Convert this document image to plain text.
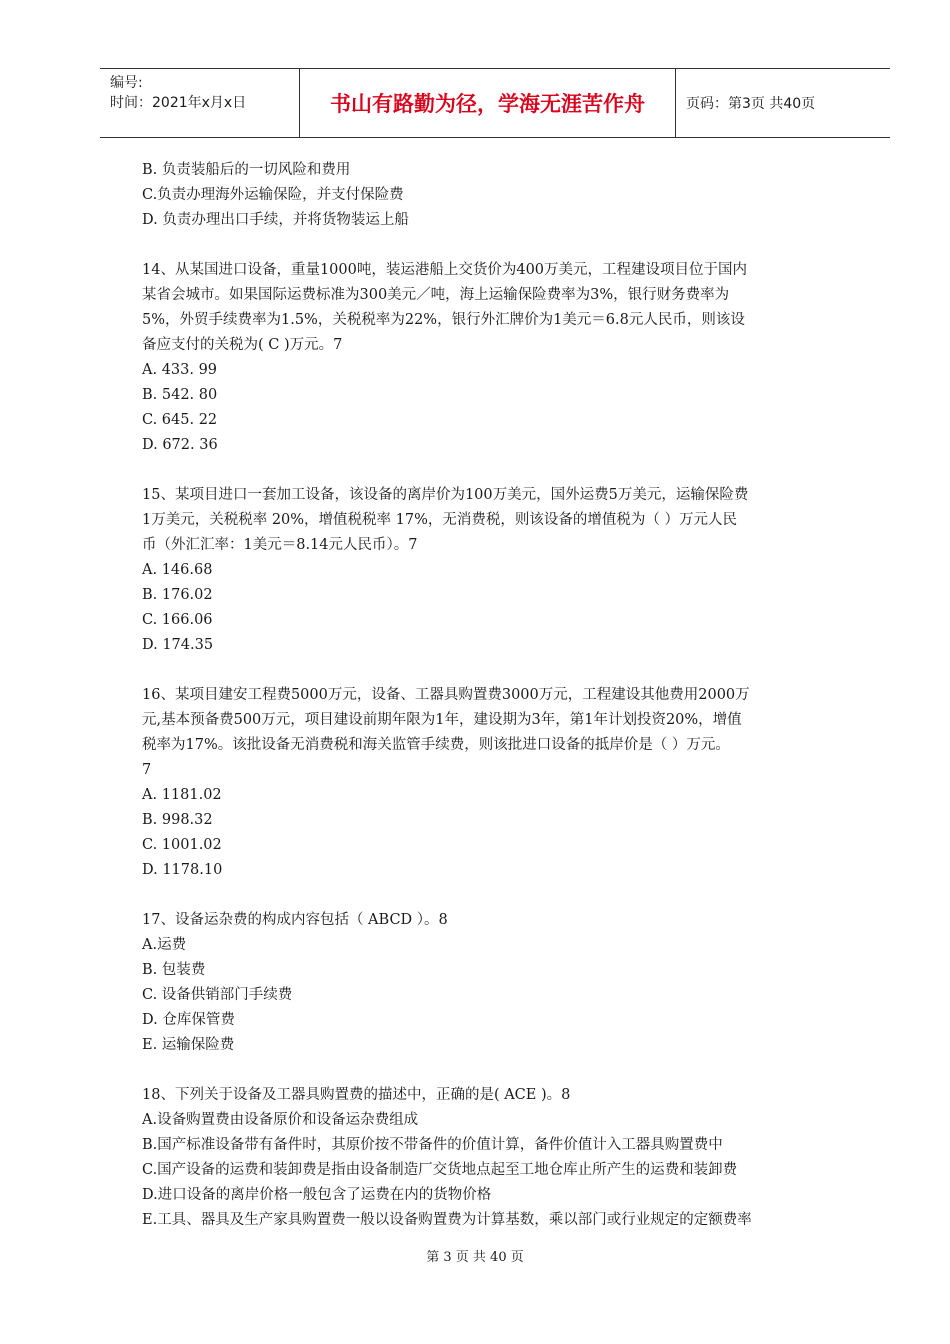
编号:
时间：2021年x月x日	书山有路勤为径，学海无涯苦作舟	页码：第3页 共40页
B. 负责装船后的一切风险和费用
C.负责办理海外运输保险，并支付保险费
D. 负责办理出口手续，并将货物装运上船
14、从某国进口设备，重量1000吨，装运港船上交货价为400万美元，工程建设项目位于国内
某省会城市。如果国际运费标准为300美元／吨，海上运输保险费率为3%，银行财务费率为
5%，外贸手续费率为1.5%，关税税率为22%，银行外汇牌价为1美元＝6.8元人民币，则该设
备应支付的关税为( C )万元。7
A. 433. 99
B. 542. 80
C. 645. 22
D. 672. 36
15、某项目进口一套加工设备，该设备的离岸价为100万美元，国外运费5万美元，运输保险费
1万美元，关税税率 20%，增值税税率 17%，无消费税，则该设备的增值税为（ ）万元人民
币（外汇汇率：1美元＝8.14元人民币）。7
A. 146.68
B. 176.02
C. 166.06
D. 174.35
16、某项目建安工程费5000万元，设备、工器具购置费3000万元，工程建设其他费用2000万
元,基本预备费500万元，项目建设前期年限为1年，建设期为3年，第1年计划投资20%，增值
税率为17%。该批设备无消费税和海关监管手续费，则该批进口设备的抵岸价是（ ）万元。
7
A. 1181.02
B. 998.32
C. 1001.02
D. 1178.10
17、设备运杂费的构成内容包括（ ABCD ）。8
A.运费
B. 包装费
C. 设备供销部门手续费
D. 仓库保管费
E. 运输保险费
18、下列关于设备及工器具购置费的描述中，正确的是( ACE )。8
A.设备购置费由设备原价和设备运杂费组成
B.国产标准设备带有备件时，其原价按不带备件的价值计算，备件价值计入工器具购置费中
C.国产设备的运费和装卸费是指由设备制造厂交货地点起至工地仓库止所产生的运费和装卸费
D.进口设备的离岸价格一般包含了运费在内的货物价格
E.工具、器具及生产家具购置费一般以设备购置费为计算基数，乘以部门或行业规定的定额费率
第 3 页 共 40 页
